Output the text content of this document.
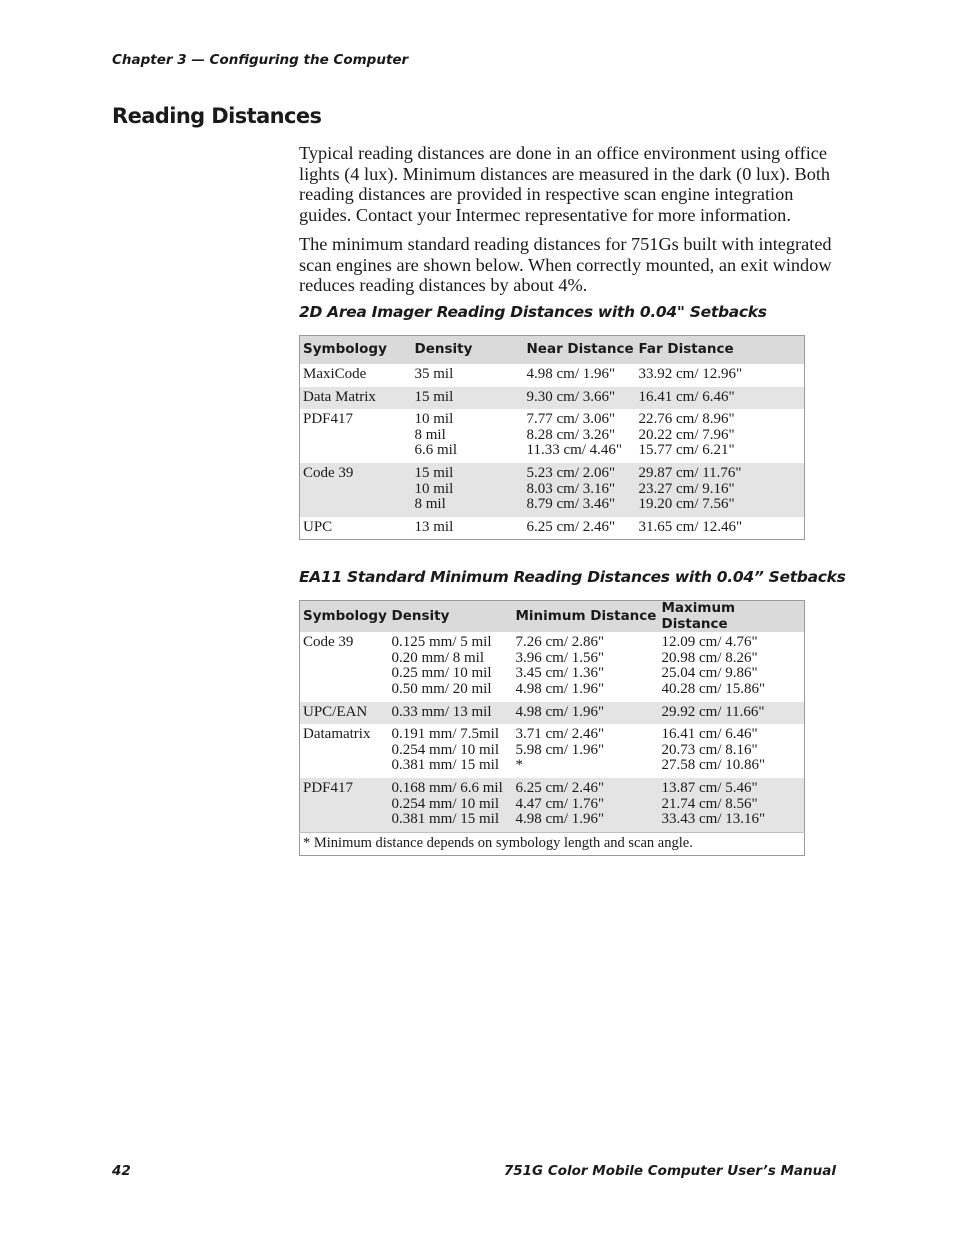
Chapter 3 — Configuring the Computer
Reading Distances

Typical reading distances are done in an office environment using office lights (4 lux). Minimum distances are measured in the dark (0 lux). Both reading distances are provided in respective scan engine integration guides. Contact your Intermec representative for more information.

The minimum standard reading distances for 751Gs built with integrated scan engines are shown below. When correctly mounted, an exit window reduces reading distances by about 4%.

2D Area Imager Reading Distances with 0.04" Setbacks
Symbology	Density	Near Distance	Far Distance
MaxiCode	35 mil	4.98 cm/ 1.96"	33.92 cm/ 12.96"
Data Matrix	15 mil	9.30 cm/ 3.66"	16.41 cm/ 6.46"
PDF417	10 mil
8 mil
6.6 mil	7.77 cm/ 3.06"
8.28 cm/ 3.26"
11.33 cm/ 4.46"	22.76 cm/ 8.96"
20.22 cm/ 7.96"
15.77 cm/ 6.21"
Code 39	15 mil
10 mil
8 mil	5.23 cm/ 2.06"
8.03 cm/ 3.16"
8.79 cm/ 3.46"	29.87 cm/ 11.76"
23.27 cm/ 9.16"
19.20 cm/ 7.56"
UPC	13 mil	6.25 cm/ 2.46"	31.65 cm/ 12.46"
EA11 Standard Minimum Reading Distances with 0.04” Setbacks
Symbology	Density	Minimum Distance	Maximum Distance
Code 39	0.125 mm/ 5 mil
0.20 mm/ 8 mil
0.25 mm/ 10 mil
0.50 mm/ 20 mil	7.26 cm/ 2.86"
3.96 cm/ 1.56"
3.45 cm/ 1.36"
4.98 cm/ 1.96"	12.09 cm/ 4.76"
20.98 cm/ 8.26"
25.04 cm/ 9.86"
40.28 cm/ 15.86"
UPC/EAN	0.33 mm/ 13 mil	4.98 cm/ 1.96"	29.92 cm/ 11.66"
Datamatrix	0.191 mm/ 7.5mil
0.254 mm/ 10 mil
0.381 mm/ 15 mil	3.71 cm/ 2.46"
5.98 cm/ 1.96"
*	16.41 cm/ 6.46"
20.73 cm/ 8.16"
27.58 cm/ 10.86"
PDF417	0.168 mm/ 6.6 mil
0.254 mm/ 10 mil
0.381 mm/ 15 mil	6.25 cm/ 2.46"
4.47 cm/ 1.76"
4.98 cm/ 1.96"	13.87 cm/ 5.46"
21.74 cm/ 8.56"
33.43 cm/ 13.16"
* Minimum distance depends on symbology length and scan angle.			
42	751G Color Mobile Computer User’s Manual
